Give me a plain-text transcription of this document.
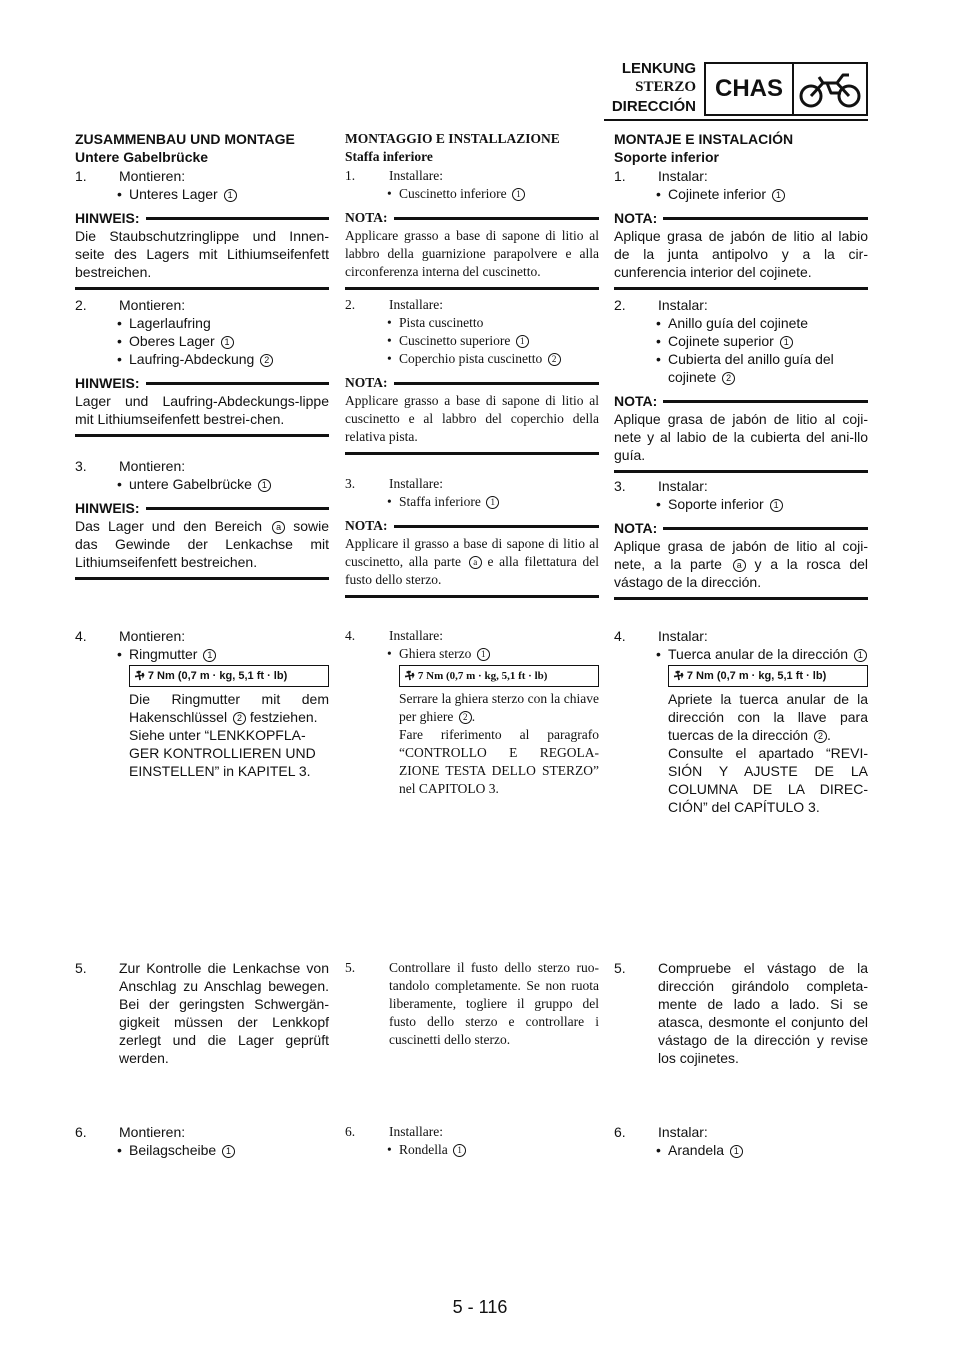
LENKUNG
STERZO
DIRECCIÓN
CHAS
ZUSAMMENBAU UND MONTAGE
Untere Gabelbrücke
1. Montieren:
• Unteres Lager 1
HINWEIS:
Die Staubschutzringlippe und Innen-seite des Lagers mit Lithiumseifenfett bestreichen.
2. Montieren:
• Lagerlaufring
• Oberes Lager 1
• Laufring-Abdeckung 2
HINWEIS:
Lager und Laufring-Abdeckungs-lippe mit Lithiumseifenfett bestrei-chen.
3. Montieren:
• untere Gabelbrücke 1
HINWEIS:
Das Lager und den Bereich a sowie das Gewinde der Lenkachse mit Lithiumseifenfett bestreichen.
4. Montieren:
• Ringmutter 1
⚒ 7 Nm (0,7 m · kg, 5,1 ft · lb)
Die Ringmutter mit dem Hakenschlüssel 2 festziehen.
Siehe unter “LENKKOPFLA-GER KONTROLLIEREN UND EINSTELLEN” in KAPITEL 3.
5. Zur Kontrolle die Lenkachse von Anschlag zu Anschlag bewegen. Bei der geringsten Schwergän-gigkeit müssen der Lenkkopf zerlegt und die Lager geprüft werden.
6. Montieren:
• Beilagscheibe 1
MONTAGGIO E INSTALLAZIONE
Staffa inferiore
1.	Installare:
• Cuscinetto inferiore 1
NOTA:
Applicare grasso a base di sapone di litio al labbro della guarnizione parapolvere e alla circonferenza interna del cuscinetto.
2.	Installare:
• Pista cuscinetto
• Cuscinetto superiore 1
• Coperchio pista cuscinetto 2
NOTA:
Applicare grasso a base di sapone di litio al cuscinetto e al labbro del coperchio della relativa pista.
3.	Installare:
• Staffa inferiore 1
NOTA:
Applicare il grasso a base di sapone di litio al cuscinetto, alla parte a e alla filettatura del fusto dello sterzo.
4.	Installare:
• Ghiera sterzo 1
⚒ 7 Nm (0,7 m · kg, 5,1 ft · lb)
Serrare la ghiera sterzo con la chiave per ghiere 2 .
Fare riferimento al paragrafo “CONTROLLO E REGOLA-ZIONE TESTA DELLO STERZO” nel CAPITOLO 3.
5.	Controllare il fusto dello sterzo ruo-tandolo completamente. Se non ruota liberamente, togliere il gruppo del fusto dello sterzo e controllare i cuscinetti dello sterzo.
6.	Installare:
• Rondella 1
MONTAJE E INSTALACIÓN
Soporte inferior
1. Instalar:
• Cojinete inferior 1
NOTA:
Aplique grasa de jabón de litio al labio de la junta antipolvo y a la cir-cunferencia interior del cojinete.
2. Instalar:
• Anillo guía del cojinete
• Cojinete superior 1
• Cubierta del anillo guía del cojinete 2
NOTA:
Aplique grasa de jabón de litio al coji-nete y al labio de la cubierta del ani-llo guía.
3. Instalar:
• Soporte inferior 1
NOTA:
Aplique grasa de jabón de litio al coji-nete, a la parte a y a la rosca del vástago de la dirección.
4. Instalar:
• Tuerca anular de la dirección 1
⚒ 7 Nm (0,7 m · kg, 5,1 ft · lb)
Apriete la tuerca anular de la dirección con la llave para tuercas de la dirección 2 .
Consulte el apartado “REVI-SIÓN Y AJUSTE DE LA COLUMNA DE LA DIREC-CIÓN” del CAPÍTULO 3.
5. Compruebe el vástago de la dirección girándolo completa-mente de lado a lado. Si se atasca, desmonte el conjunto del vástago de la dirección y revise los cojinetes.
6. Instalar:
• Arandela 1
5 - 116
